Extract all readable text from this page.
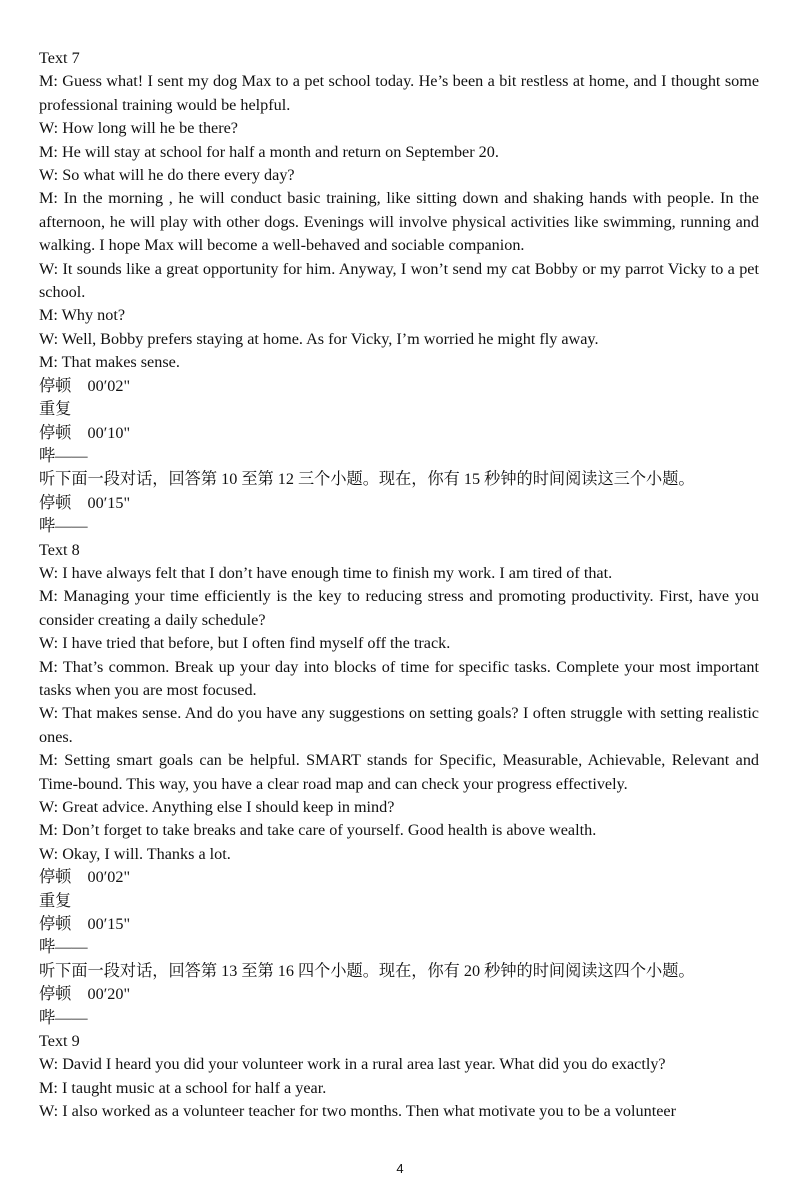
Text 7

M: Guess what! I sent my dog Max to a pet school today. He’s been a bit restless at home, and I thought some professional training would be helpful.

W: How long will he be there?

M: He will stay at school for half a month and return on September 20.

W: So what will he do there every day?

M: In the morning , he will conduct basic training, like sitting down and shaking hands with people. In the afternoon, he will play with other dogs. Evenings will involve physical activities like swimming, running and walking. I hope Max will become a well-behaved and sociable companion.

W: It sounds like a great opportunity for him. Anyway, I won’t send my cat Bobby or my parrot Vicky to a pet school.

M: Why not?

W: Well, Bobby prefers staying at home. As for Vicky, I’m worried he might fly away.

M: That makes sense.

停顿　00′02"

重复

停顿　00′10"

哔——

听下面一段对话，回答第 10 至第 12 三个小题。现在，你有 15 秒钟的时间阅读这三个小题。

停顿　00′15"

哔——

Text 8

W: I have always felt that I don’t have enough time to finish my work. I am tired of that.

M: Managing your time efficiently is the key to reducing stress and promoting productivity. First, have you consider creating a daily schedule?

W: I have tried that before, but I often find myself off the track.

M: That’s common. Break up your day into blocks of time for specific tasks. Complete your most important tasks when you are most focused.

W: That makes sense. And do you have any suggestions on setting goals? I often struggle with setting realistic ones.

M: Setting smart goals can be helpful. SMART stands for Specific, Measurable, Achievable, Relevant and Time-bound. This way, you have a clear road map and can check your progress effectively.

W: Great advice. Anything else I should keep in mind?

M: Don’t forget to take breaks and take care of yourself. Good health is above wealth.

W: Okay, I will. Thanks a lot.

停顿　00′02"

重复

停顿　00′15"

哔——

听下面一段对话，回答第 13 至第 16 四个小题。现在，你有 20 秒钟的时间阅读这四个小题。

停顿　00′20"

哔——

Text 9

W: David I heard you did your volunteer work in a rural area last year. What did you do exactly?

M: I taught music at a school for half a year.

W: I also worked as a volunteer teacher for two months. Then what motivate you to be a volunteer

4
